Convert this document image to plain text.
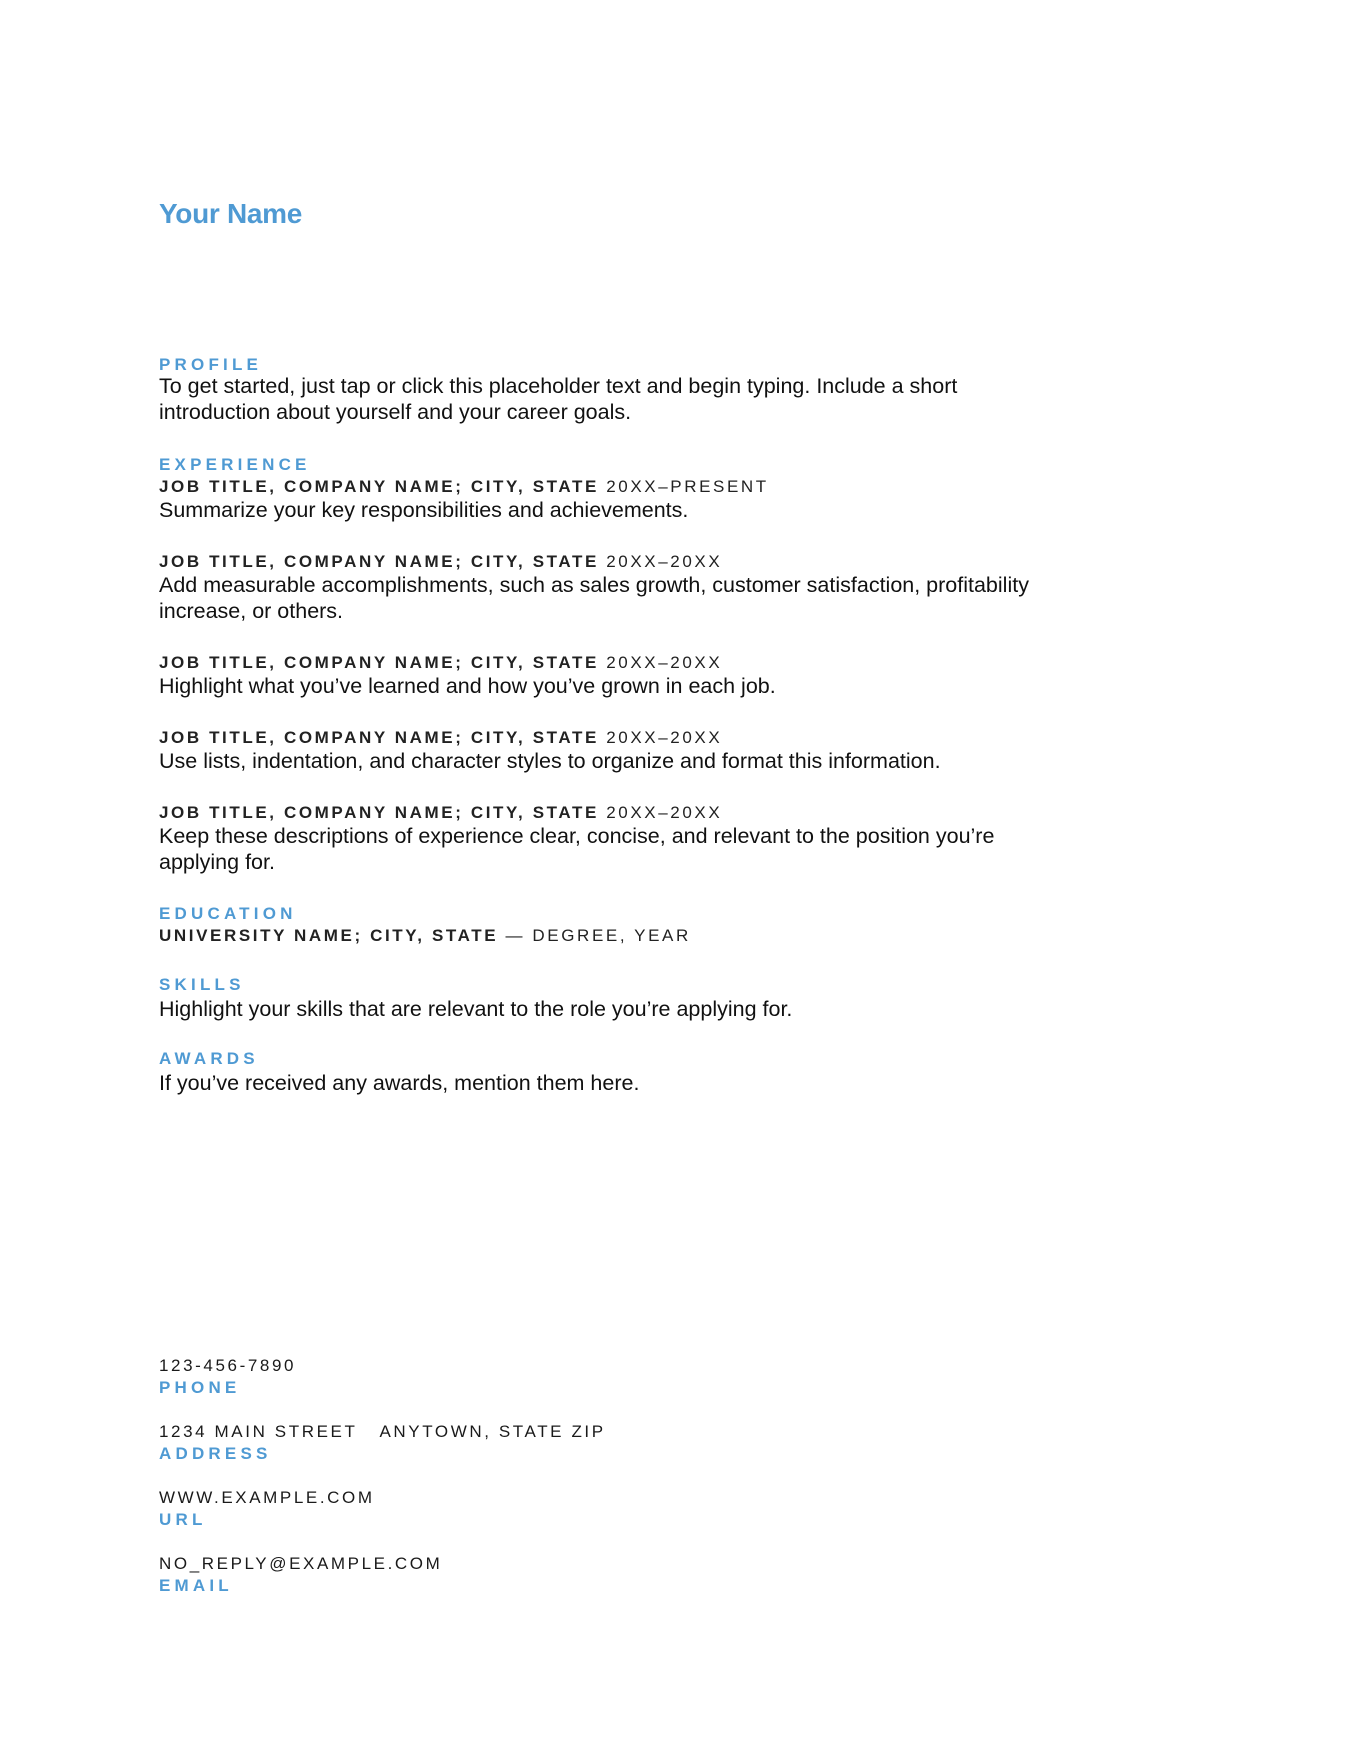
Your Name
PROFILE
To get started, just tap or click this placeholder text and begin typing. Include a short introduction about yourself and your career goals.
EXPERIENCE
JOB TITLE, COMPANY NAME; CITY, STATE 20XX–PRESENT
Summarize your key responsibilities and achievements.
JOB TITLE, COMPANY NAME; CITY, STATE 20XX–20XX
Add measurable accomplishments, such as sales growth, customer satisfaction, profitability increase, or others.
JOB TITLE, COMPANY NAME; CITY, STATE 20XX–20XX
Highlight what you’ve learned and how you’ve grown in each job.
JOB TITLE, COMPANY NAME; CITY, STATE 20XX–20XX
Use lists, indentation, and character styles to organize and format this information.
JOB TITLE, COMPANY NAME; CITY, STATE 20XX–20XX
Keep these descriptions of experience clear, concise, and relevant to the position you’re applying for.
EDUCATION
UNIVERSITY NAME; CITY, STATE — DEGREE, YEAR
SKILLS
Highlight your skills that are relevant to the role you’re applying for.
AWARDS
If you’ve received any awards, mention them here.
123-456-7890
PHONE
1234 MAIN STREET ANYTOWN, STATE ZIP
ADDRESS
WWW.EXAMPLE.COM
URL
NO_REPLY@EXAMPLE.COM
EMAIL
